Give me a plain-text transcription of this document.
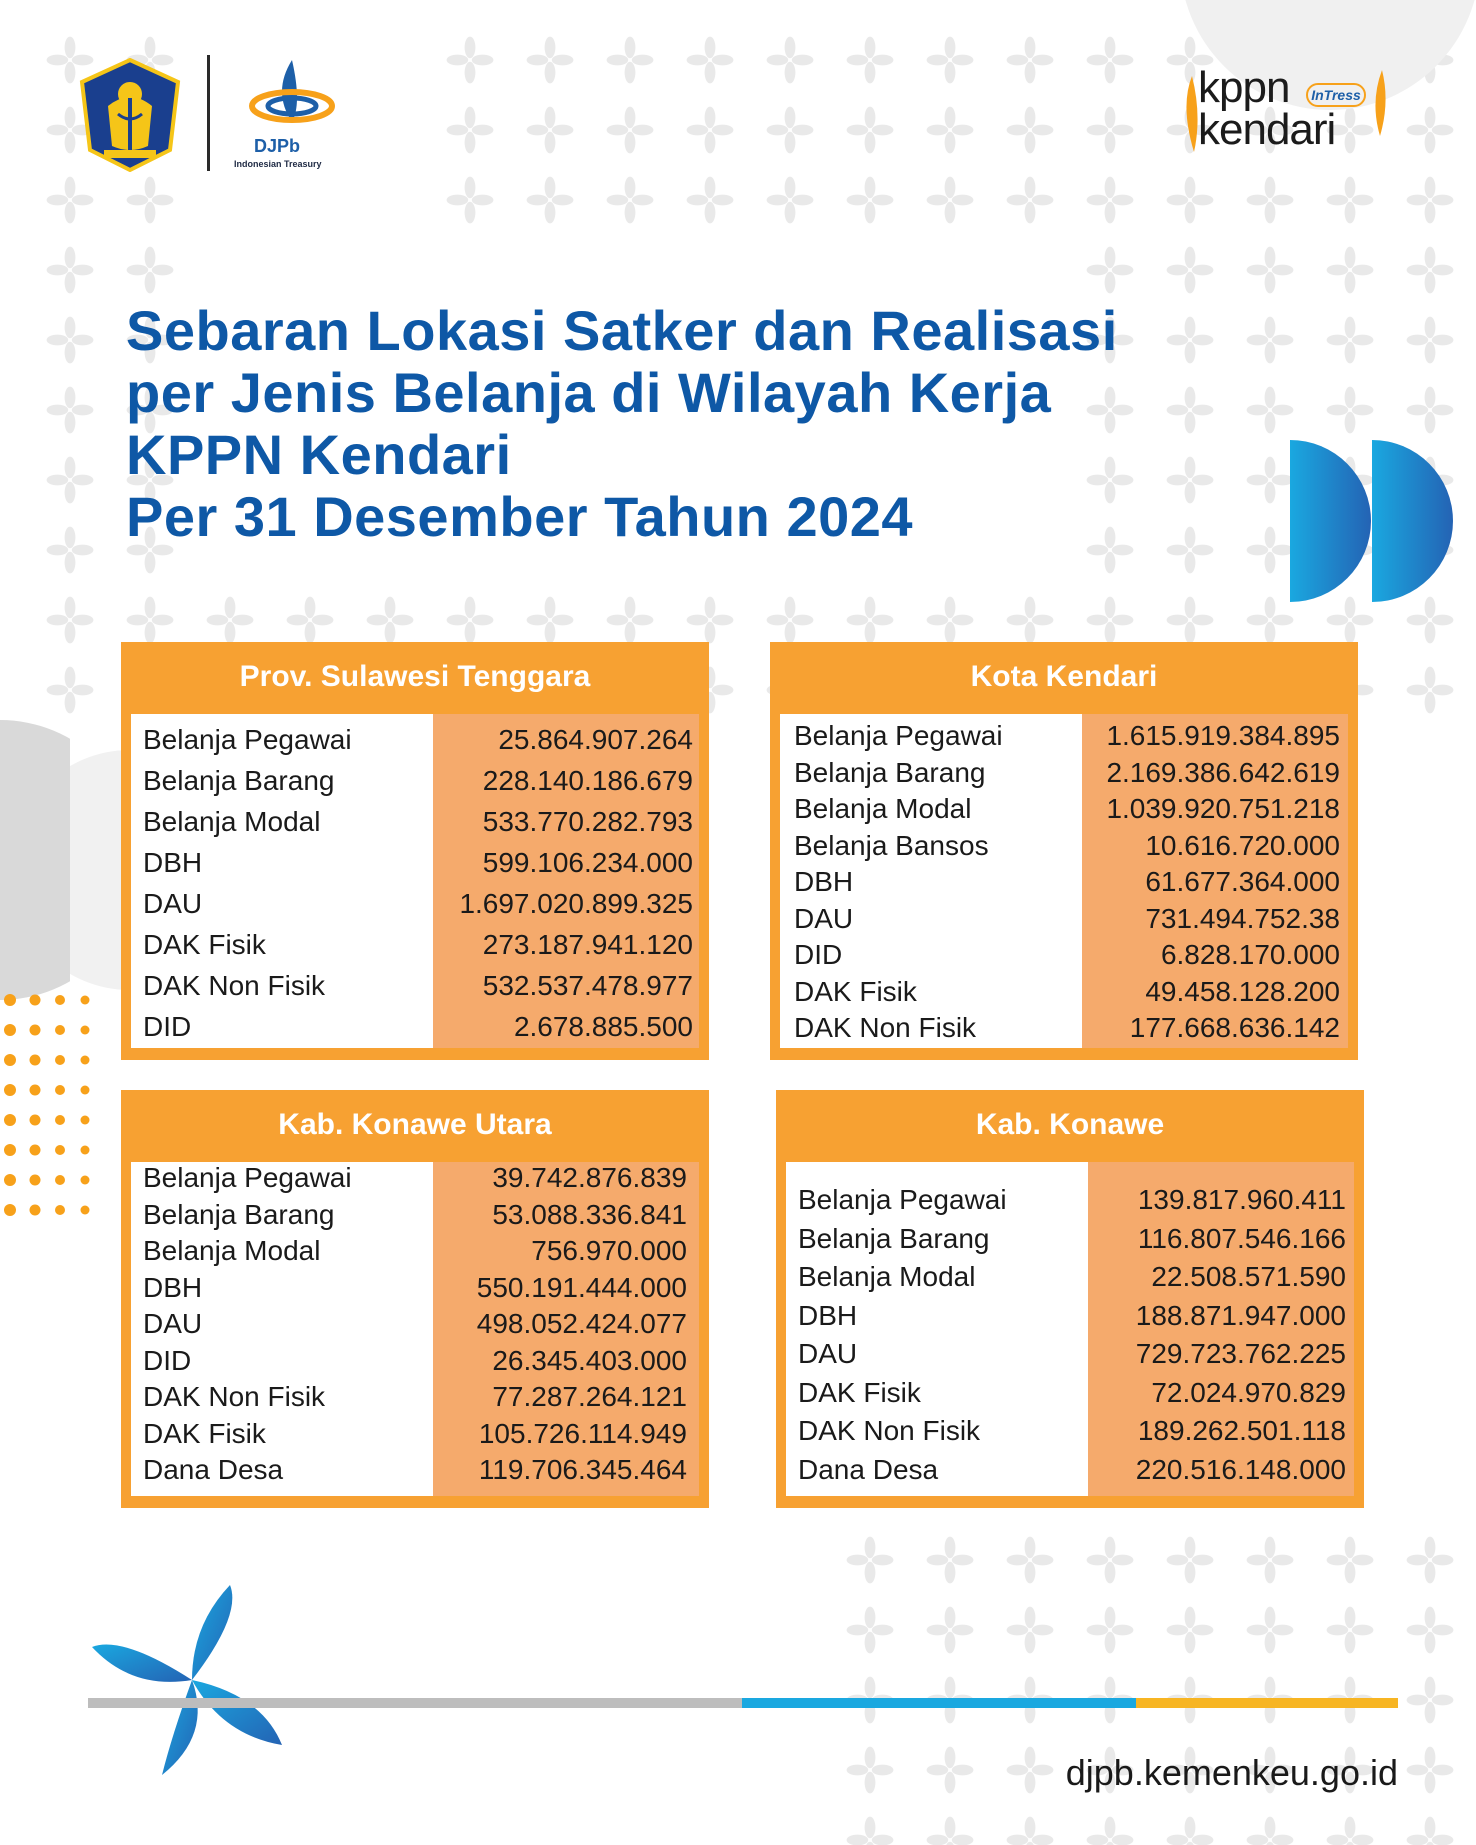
DJPb
Indonesian Treasury
kppn	InTress
kendari
Sebaran Lokasi Satker dan Realisasi
per Jenis Belanja di Wilayah Kerja
KPPN Kendari
Per 31 Desember Tahun 2024
Prov. Sulawesi Tenggara
Belanja Pegawai	25.864.907.264
Belanja Barang	228.140.186.679
Belanja Modal	533.770.282.793
DBH	599.106.234.000
DAU	1.697.020.899.325
DAK Fisik	273.187.941.120
DAK Non Fisik	532.537.478.977
DID	2.678.885.500
Kota Kendari
Belanja Pegawai	1.615.919.384.895
Belanja Barang	2.169.386.642.619
Belanja Modal	1.039.920.751.218
Belanja Bansos	10.616.720.000
DBH	61.677.364.000
DAU	731.494.752.38
DID	6.828.170.000
DAK Fisik	49.458.128.200
DAK Non Fisik	177.668.636.142
Kab. Konawe Utara
Belanja Pegawai	39.742.876.839
Belanja Barang	53.088.336.841
Belanja Modal	756.970.000
DBH	550.191.444.000
DAU	498.052.424.077
DID	26.345.403.000
DAK Non Fisik	77.287.264.121
DAK Fisik	105.726.114.949
Dana Desa	119.706.345.464
Kab. Konawe
Belanja Pegawai	139.817.960.411
Belanja Barang	116.807.546.166
Belanja Modal	22.508.571.590
DBH	188.871.947.000
DAU	729.723.762.225
DAK Fisik	72.024.970.829
DAK Non Fisik	189.262.501.118
Dana Desa	220.516.148.000
djpb.kemenkeu.go.id
